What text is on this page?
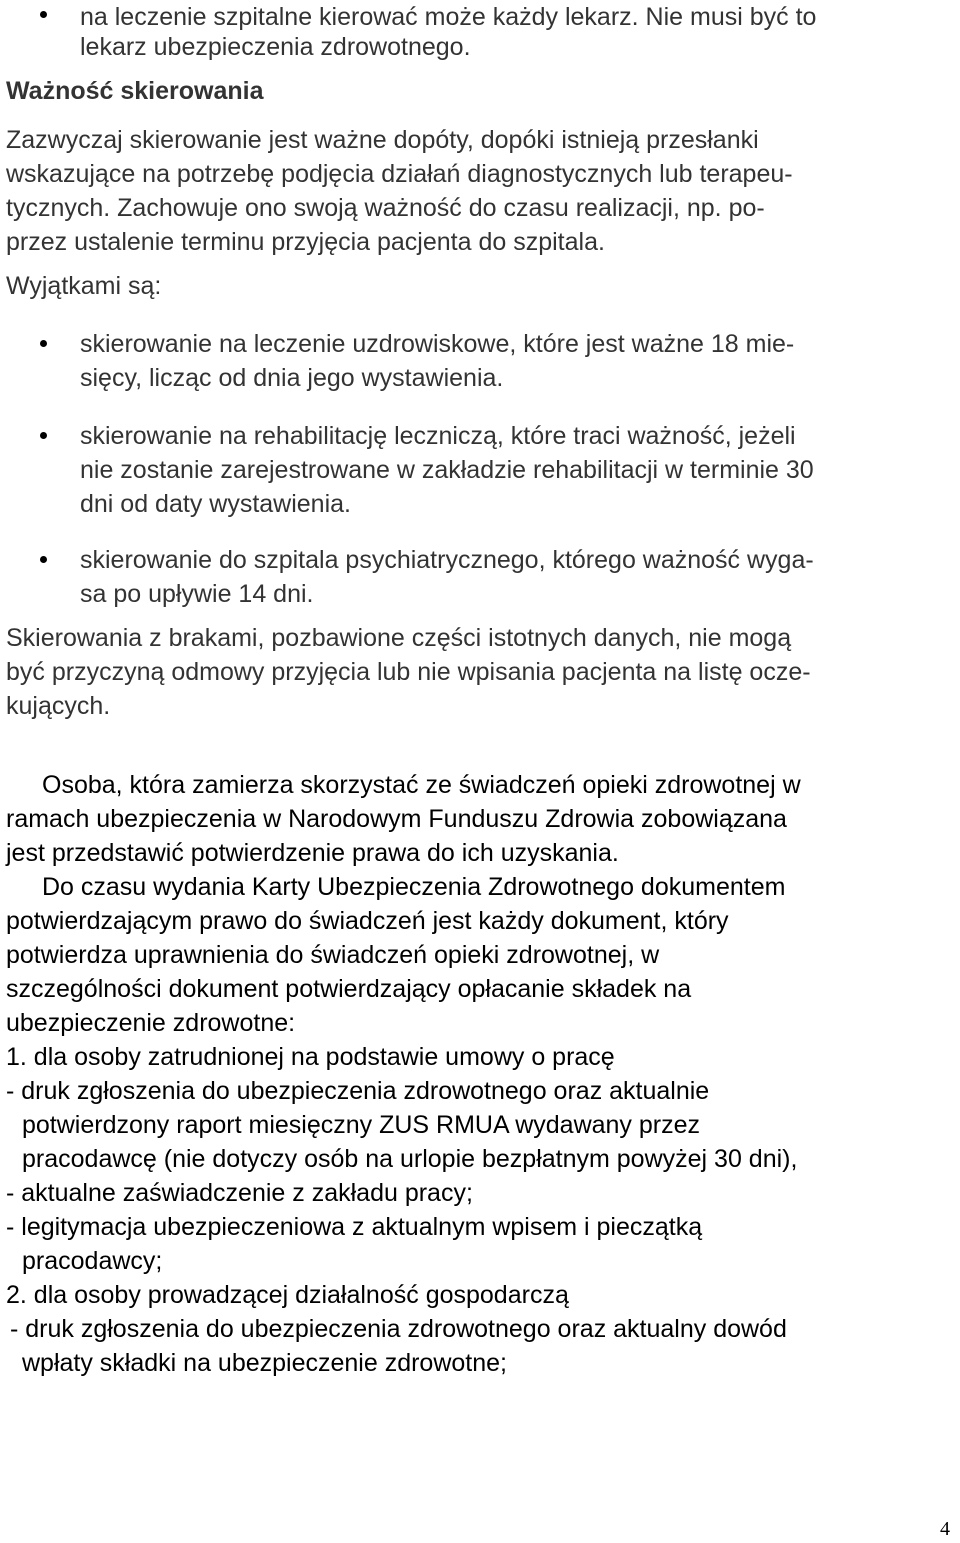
na leczenie szpitalne kierować może każdy lekarz. Nie musi być to

lekarz ubezpieczenia zdrowotnego.

Ważność skierowania

Zazwyczaj skierowanie jest ważne dopóty, dopóki istnieją przesłanki

wskazujące na potrzebę podjęcia działań diagnostycznych lub terapeu-

tycznych. Zachowuje ono swoją ważność do czasu realizacji, np. po-

przez ustalenie terminu przyjęcia pacjenta do szpitala.

Wyjątkami są:

skierowanie na leczenie uzdrowiskowe, które jest ważne 18 mie-

sięcy, licząc od dnia jego wystawienia.

skierowanie na rehabilitację leczniczą, które traci ważność, jeżeli

nie zostanie zarejestrowane w zakładzie rehabilitacji w terminie 30

dni od daty wystawienia.

skierowanie do szpitala psychiatrycznego, którego ważność wyga-

sa po upływie 14 dni.

Skierowania z brakami, pozbawione części istotnych danych, nie mogą

być przyczyną odmowy przyjęcia lub nie wpisania pacjenta na listę ocze-

kujących.

Osoba, która zamierza skorzystać ze świadczeń opieki zdrowotnej w

ramach ubezpieczenia w Narodowym Funduszu Zdrowia zobowiązana

jest przedstawić potwierdzenie prawa do ich uzyskania.

Do czasu wydania Karty Ubezpieczenia Zdrowotnego dokumentem

potwierdzającym prawo do świadczeń jest każdy dokument, który

potwierdza uprawnienia do świadczeń opieki zdrowotnej, w

szczególności dokument potwierdzający opłacanie składek na

ubezpieczenie zdrowotne:

1. dla osoby zatrudnionej na podstawie umowy o pracę

- druk zgłoszenia do ubezpieczenia zdrowotnego oraz aktualnie

potwierdzony raport miesięczny ZUS RMUA wydawany przez

pracodawcę (nie dotyczy osób na urlopie bezpłatnym powyżej 30 dni),

- aktualne zaświadczenie z zakładu pracy;

- legitymacja ubezpieczeniowa z aktualnym wpisem i pieczątką

pracodawcy;

2. dla osoby prowadzącej działalność gospodarczą

- druk zgłoszenia do ubezpieczenia zdrowotnego oraz aktualny dowód

wpłaty składki na ubezpieczenie zdrowotne;

4
